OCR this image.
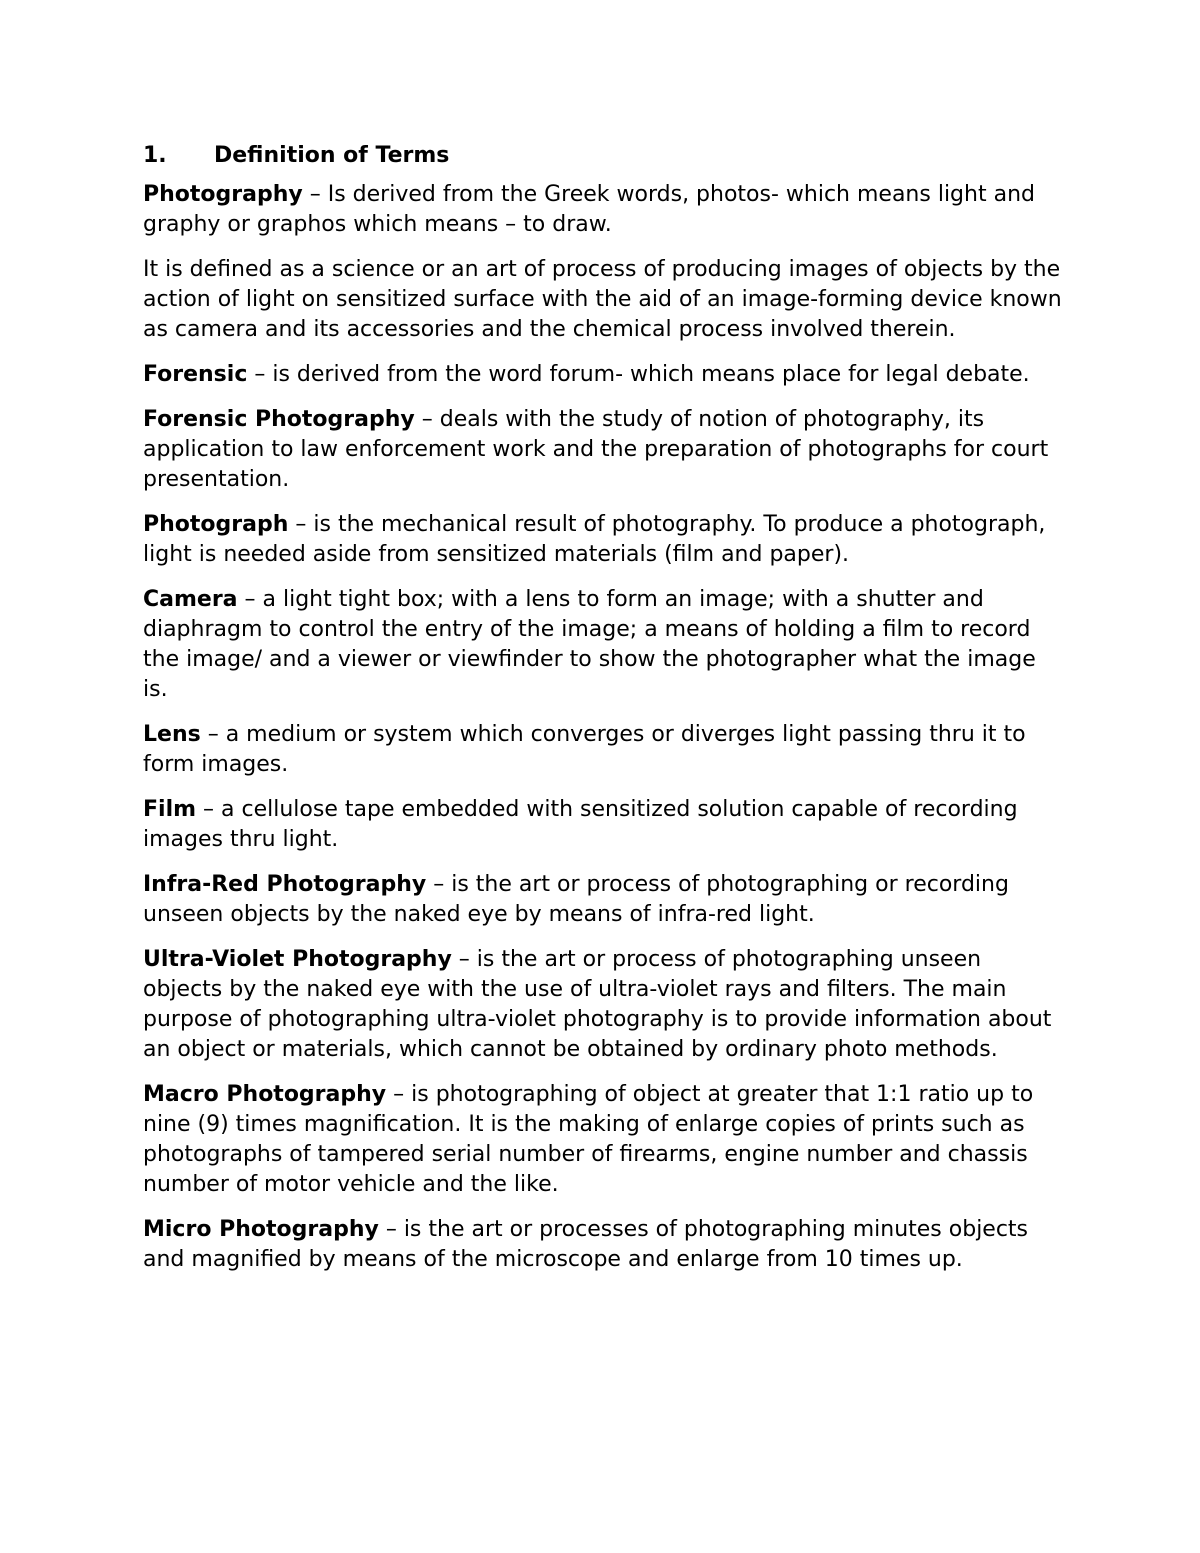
1.	Definition of Terms

Photography – Is derived from the Greek words, photos- which means light and graphy or graphos which means – to draw.

It is defined as a science or an art of process of producing images of objects by the action of light on sensitized surface with the aid of an image-forming device known as camera and its accessories and the chemical process involved therein.

Forensic – is derived from the word forum- which means place for legal debate.

Forensic Photography – deals with the study of notion of photography, its application to law enforcement work and the preparation of photographs for court presentation.

Photograph – is the mechanical result of photography. To produce a photograph, light is needed aside from sensitized materials (film and paper).

Camera – a light tight box; with a lens to form an image; with a shutter and diaphragm to control the entry of the image; a means of holding a film to record the image/ and a viewer or viewfinder to show the photographer what the image is.

Lens – a medium or system which converges or diverges light passing thru it to form images.

Film – a cellulose tape embedded with sensitized solution capable of recording images thru light.

Infra-Red Photography – is the art or process of photographing or recording unseen objects by the naked eye by means of infra-red light.

Ultra-Violet Photography – is the art or process of photographing unseen objects by the naked eye with the use of ultra-violet rays and filters. The main purpose of photographing ultra-violet photography is to provide information about an object or materials, which cannot be obtained by ordinary photo methods.

Macro Photography – is photographing of object at greater that 1:1 ratio up to nine (9) times magnification. It is the making of enlarge copies of prints such as photographs of tampered serial number of firearms, engine number and chassis number of motor vehicle and the like.

Micro Photography – is the art or processes of photographing minutes objects and magnified by means of the microscope and enlarge from 10 times up.
